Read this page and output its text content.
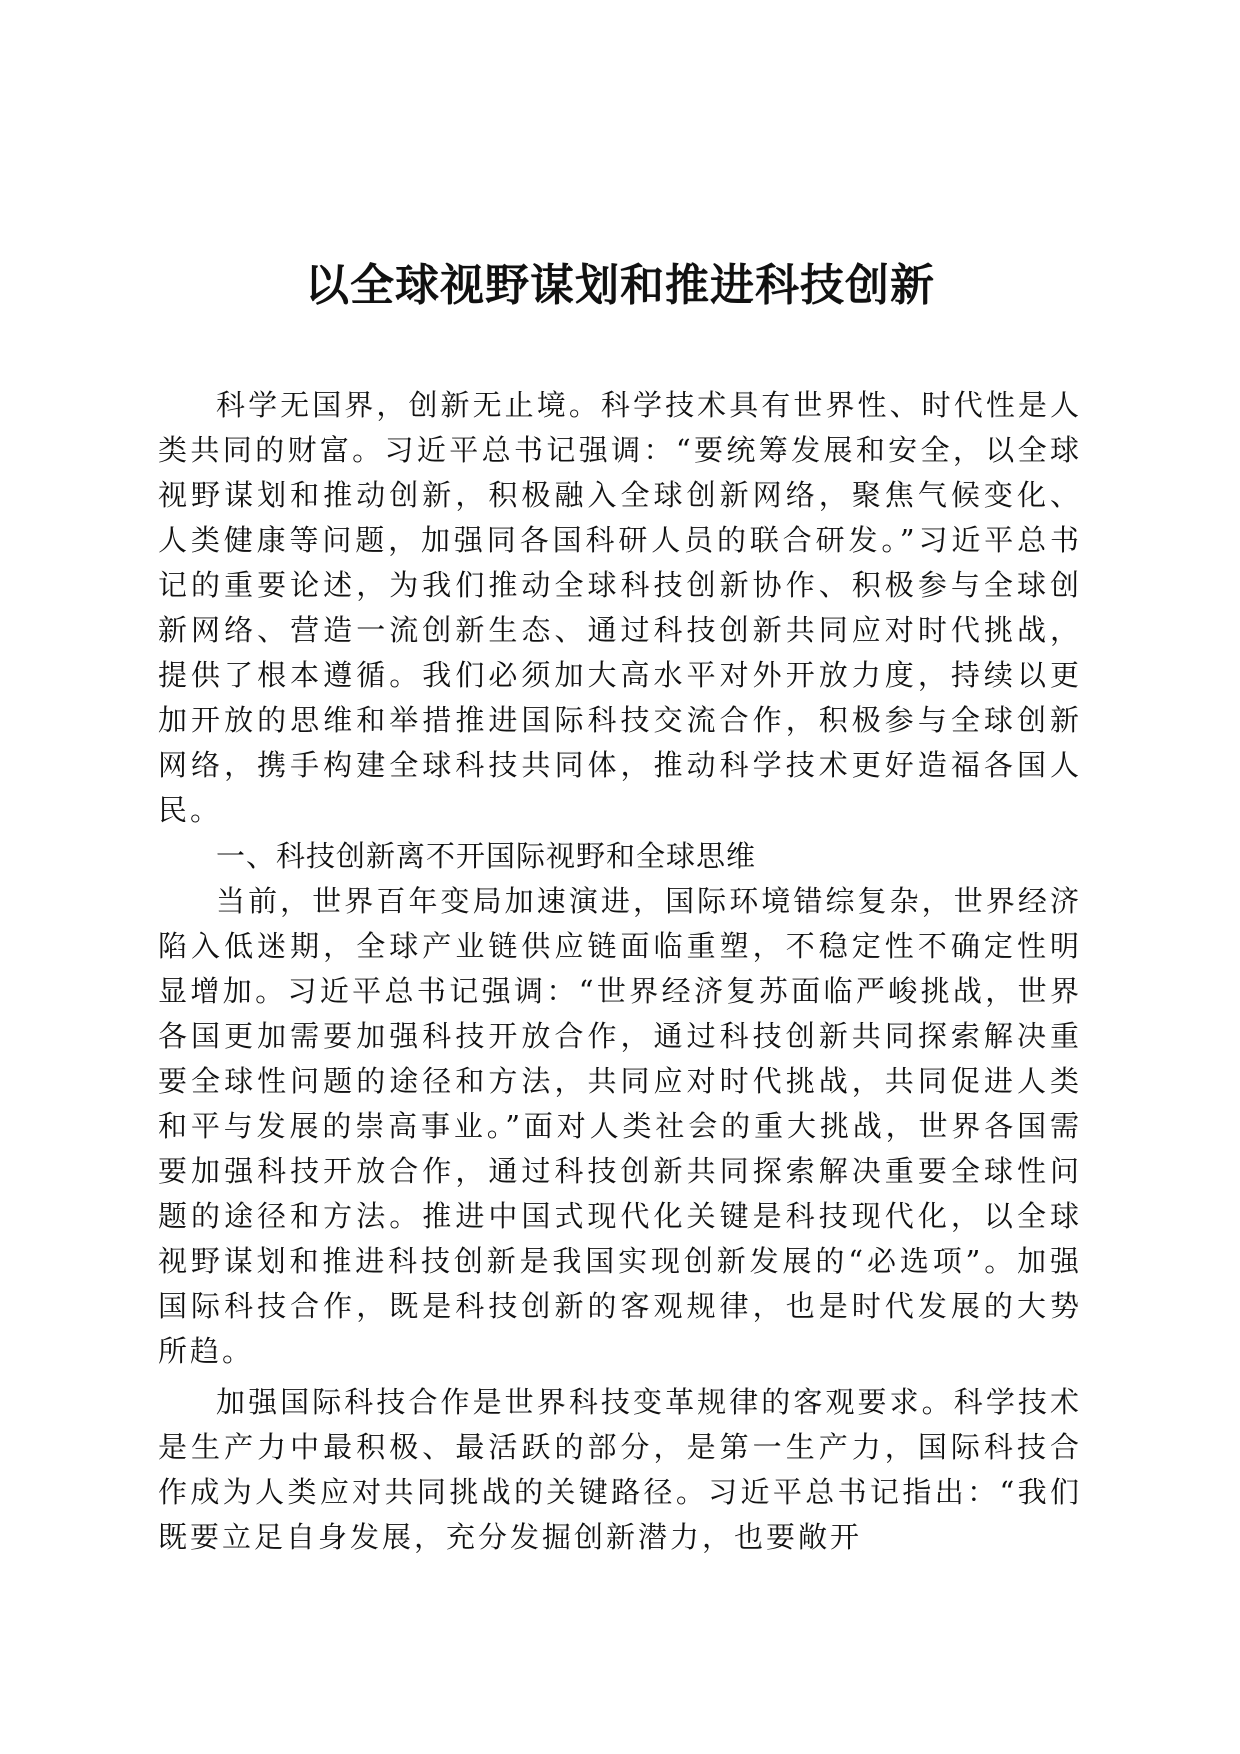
以全球视野谋划和推进科技创新

科学无国界，创新无止境。科学技术具有世界性、时代性是人类共同的财富。习近平总书记强调：“要统筹发展和安全，以全球视野谋划和推动创新，积极融入全球创新网络，聚焦气候变化、人类健康等问题，加强同各国科研人员的联合研发。”习近平总书记的重要论述，为我们推动全球科技创新协作、积极参与全球创新网络、营造一流创新生态、通过科技创新共同应对时代挑战，提供了根本遵循。我们必须加大高水平对外开放力度，持续以更加开放的思维和举措推进国际科技交流合作，积极参与全球创新网络，携手构建全球科技共同体，推动科学技术更好造福各国人民。

一、科技创新离不开国际视野和全球思维

当前，世界百年变局加速演进，国际环境错综复杂，世界经济陷入低迷期，全球产业链供应链面临重塑，不稳定性不确定性明显增加。习近平总书记强调：“世界经济复苏面临严峻挑战，世界各国更加需要加强科技开放合作，通过科技创新共同探索解决重要全球性问题的途径和方法，共同应对时代挑战，共同促进人类和平与发展的崇高事业。”面对人类社会的重大挑战，世界各国需要加强科技开放合作，通过科技创新共同探索解决重要全球性问题的途径和方法。推进中国式现代化关键是科技现代化，以全球视野谋划和推进科技创新是我国实现创新发展的“必选项”。加强国际科技合作，既是科技创新的客观规律，也是时代发展的大势所趋。

加强国际科技合作是世界科技变革规律的客观要求。科学技术是生产力中最积极、最活跃的部分，是第一生产力，国际科技合作成为人类应对共同挑战的关键路径。习近平总书记指出：“我们既要立足自身发展，充分发掘创新潜力，也要敞开
